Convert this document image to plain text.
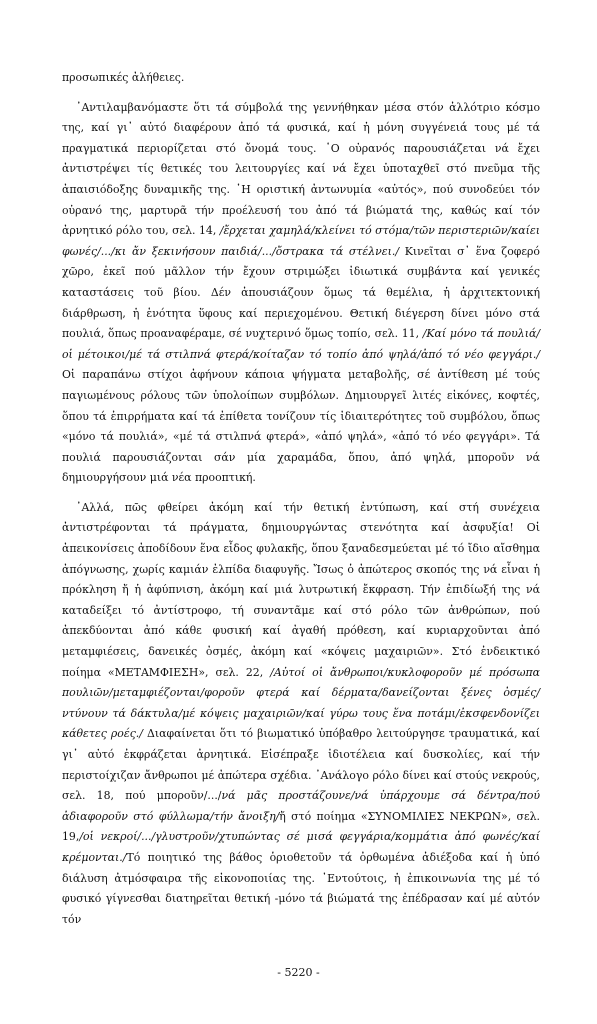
προσωπικές ἀλήθειες.

᾿Αντιλαμβανόμαστε ὅτι τά σύμβολά της γεννήθηκαν μέσα στόν ἀλλότριο κόσμο της, καί γι᾿ αὐτό διαφέρουν ἀπό τά φυσικά, καί ἡ μόνη συγγένειά τους μέ τά πραγματικά περιορίζεται στό ὄνομά τους. ῾Ο οὐρανός παρουσιάζεται νά ἔχει ἀντιστρέψει τίς θετικές του λειτουργίες καί νά ἔχει ὑποταχθεῖ στό πνεῦμα τῆς ἀπαισιόδοξης δυναμικῆς της. ῾Η οριστική ἀντωνυμία «αὐτός», πού συνοδεύει τόν οὐρανό της, μαρτυρᾶ τήν προέλευσή του ἀπό τά βιώματά της, καθώς καί τόν ἀρνητικό ρόλο του, σελ. 14, /ἔρχεται χαμηλά/κλείνει τό στόμα/τῶν περιστεριῶν/καίει φωνές/.../κι ἄν ξεκινήσουν παιδιά/.../ὄστρακα τά στέλνει./ Κινεῖται σ᾿ ἕνα ζοφερό χῶρο, ἐκεῖ πού μᾶλλον τήν ἔχουν στριμώξει ἰδιωτικά συμβάντα καί γενικές καταστάσεις τοῦ βίου. Δέν ἀπουσιάζουν ὅμως τά θεμέλια, ἡ ἀρχιτεκτονική διάρθρωση, ἡ ἑνότητα ὕφους καί περιεχομένου. Θετική διέγερση δίνει μόνο στά πουλιά, ὅπως προαναφέραμε, σέ νυχτερινό ὅμως τοπίο, σελ. 11, /Καί μόνο τά πουλιά/οἱ μέτοικοι/μέ τά στιλπνά φτερά/κοίταζαν τό τοπίο ἀπό ψηλά/ἀπό τό νέο φεγγάρι./ Οἱ παραπάνω στίχοι ἀφήνουν κάποια ψήγματα μεταβολῆς, σέ ἀντίθεση μέ τούς παγιωμένους ρόλους τῶν ὑπολοίπων συμβόλων. Δημιουργεῖ λιτές εἰκόνες, κοφτές, ὅπου τά ἐπιρρήματα καί τά ἐπίθετα τονίζουν τίς ἰδιαιτερότητες τοῦ συμβόλου, ὅπως «μόνο τά πουλιά», «μέ τά στιλπνά φτερά», «ἀπό ψηλά», «ἀπό τό νέο φεγγάρι». Τά πουλιά παρουσιάζονται σάν μία χαραμάδα, ὅπου, ἀπό ψηλά, μποροῦν νά δημιουργήσουν μιά νέα προοπτική.

᾿Αλλά, πῶς φθείρει ἀκόμη καί τήν θετική ἐντύπωση, καί στή συνέχεια ἀντιστρέφονται τά πράγματα, δημιουργώντας στενότητα καί ἀσφυξία! Οἱ ἀπεικονίσεις ἀποδίδουν ἕνα εἶδος φυλακῆς, ὅπου ξαναδεσμεύεται μέ τό ἴδιο αἴσθημα ἀπόγνωσης, χωρίς καμιάν ἐλπίδα διαφυγῆς. Ἴσως ὁ ἀπώτερος σκοπός της νά εἶναι ἡ πρόκληση ἤ ἡ ἀφύπνιση, ἀκόμη καί μιά λυτρωτική ἔκφραση. Τήν ἐπιδίωξή της νά καταδείξει τό ἀντίστροφο, τή συναντᾶμε καί στό ρόλο τῶν ἀνθρώπων, πού ἀπεκδύονται ἀπό κάθε φυσική καί ἀγαθή πρόθεση, καί κυριαρχοῦνται ἀπό μεταμφιέσεις, δανεικές ὀσμές, ἀκόμη καί «κόψεις μαχαιριῶν». Στό ἐνδεικτικό ποίημα «ΜΕΤΑΜΦΙΕΣΗ», σελ. 22, /Αὐτοί οἱ ἄνθρωποι/κυκλοφοροῦν μέ πρόσωπα πουλιῶν/μεταμφιέζονται/φοροῦν φτερά καί δέρματα/δανείζονται ξένες ὀσμές/ντύνουν τά δάκτυλα/μέ κόψεις μαχαιριῶν/καί γύρω τους ἕνα ποτάμι/ἐκσφενδονίζει κάθετες ροές./ Διαφαίνεται ὅτι τό βιωματικό ὑπόβαθρο λειτούργησε τραυματικά, καί γι᾿ αὐτό ἐκφράζεται ἀρνητικά. Εἰσέπραξε ἰδιοτέλεια καί δυσκολίες, καί τήν περιστοίχιζαν ἄνθρωποι μέ ἀπώτερα σχέδια. ᾿Ανάλογο ρόλο δίνει καί στούς νεκρούς, σελ. 18, πού μποροῦν/.../νά μᾶς προστάζουνε/νά ὑπάρχουμε σά δέντρα/πού ἀδιαφοροῦν στό φύλλωμα/τήν ἄνοιξη/ἤ στό ποίημα «ΣΥΝΟΜΙΛΙΕΣ ΝΕΚΡΩΝ», σελ. 19,/οἱ νεκροί/.../γλυστροῦν/χτυπώντας σέ μισά φεγγάρια/κομμάτια ἀπό φωνές/καί κρέμονται./Τό ποιητικό της βάθος ὁριοθετοῦν τά ὀρθωμένα ἀδιέξοδα καί ἡ ὑπό διάλυση ἀτμόσφαιρα τῆς εἰκονοποιίας της. ᾿Εντούτοις, ἡ ἐπικοινωνία της μέ τό φυσικό γίγνεσθαι διατηρεῖται θετική -μόνο τά βιώματά της ἐπέδρασαν καί μέ αὐτόν τόν

- 5220 -
